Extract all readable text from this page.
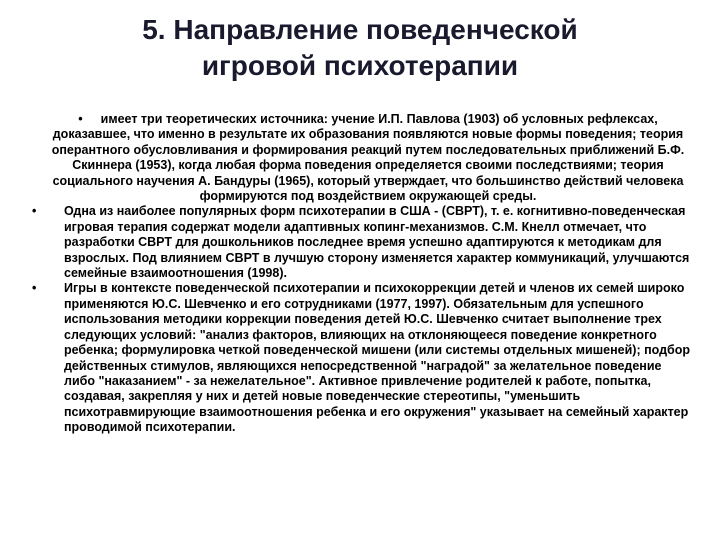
5. Направление поведенческой
игровой психотерапии
• имеет три теоретических источника: учение И.П. Павлова (1903) об условных рефлексах, доказавшее, что именно в результате их образования появляются новые формы поведения; теория оперантного обусловливания и формирования реакций путем последовательных приближений Б.Ф. Скиннера (1953), когда любая форма поведения определяется своими последствиями; теория социального научения А. Бандуры (1965), который утверждает, что большинство действий человека формируются под воздействием окружающей среды.
• Одна из наиболее популярных форм психотерапии в США - (СВРТ), т. е. когнитивно-поведенческая игровая терапия содержат модели адаптивных копинг-механизмов. С.М. Кнелл отмечает, что разработки СВРТ для дошкольников последнее время успешно адаптируются к методикам для взрослых. Под влиянием СВРТ в лучшую сторону изменяется характер коммуникаций, улучшаются семейные взаимоотношения (1998).
• Игры в контексте поведенческой психотерапии и психокоррекции детей и членов их семей широко применяются Ю.С. Шевченко и его сотрудниками (1977, 1997). Обязательным для успешного использования методики коррекции поведения детей Ю.С. Шевченко считает выполнение трех следующих условий: "анализ факторов, влияющих на отклоняющееся поведение конкретного ребенка; формулировка четкой поведенческой мишени (или системы отдельных мишеней); подбор действенных стимулов, являющихся непосредственной "наградой" за желательное поведение либо "наказанием" - за нежелательное". Активное привлечение родителей к работе, попытка, создавая, закрепляя у них и детей новые поведенческие стереотипы, "уменьшить психотравмирующие взаимоотношения ребенка и его окружения" указывает на семейный характер проводимой психотерапии.
